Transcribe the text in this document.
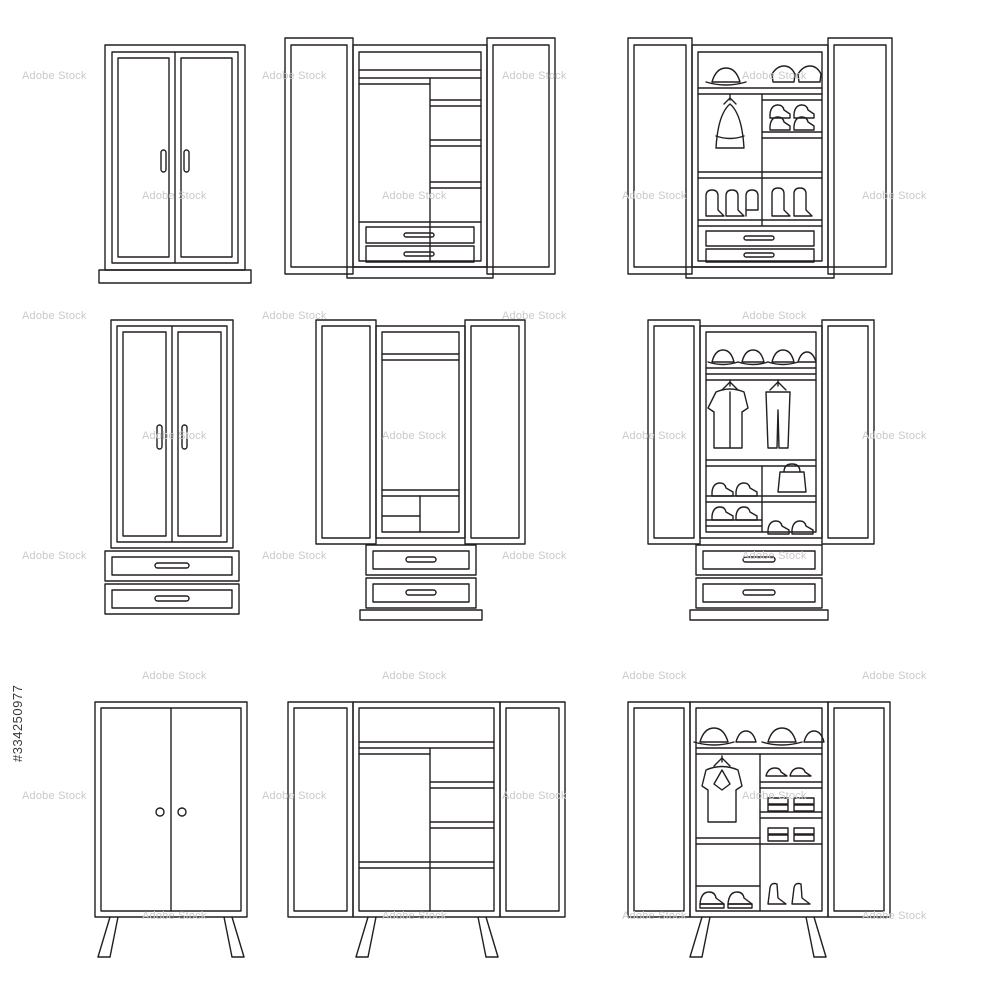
#334250977
Adobe Stock	Adobe Stock	Adobe Stock	Adobe Stock
Adobe Stock	Adobe Stock	Adobe Stock	Adobe Stock
Adobe Stock	Adobe Stock	Adobe Stock	Adobe Stock
Adobe Stock	Adobe Stock	Adobe Stock	Adobe Stock
Adobe Stock	Adobe Stock	Adobe Stock	Adobe Stock
Adobe Stock	Adobe Stock	Adobe Stock	Adobe Stock
Adobe Stock	Adobe Stock	Adobe Stock	Adobe Stock
Adobe Stock	Adobe Stock	Adobe Stock	Adobe Stock
